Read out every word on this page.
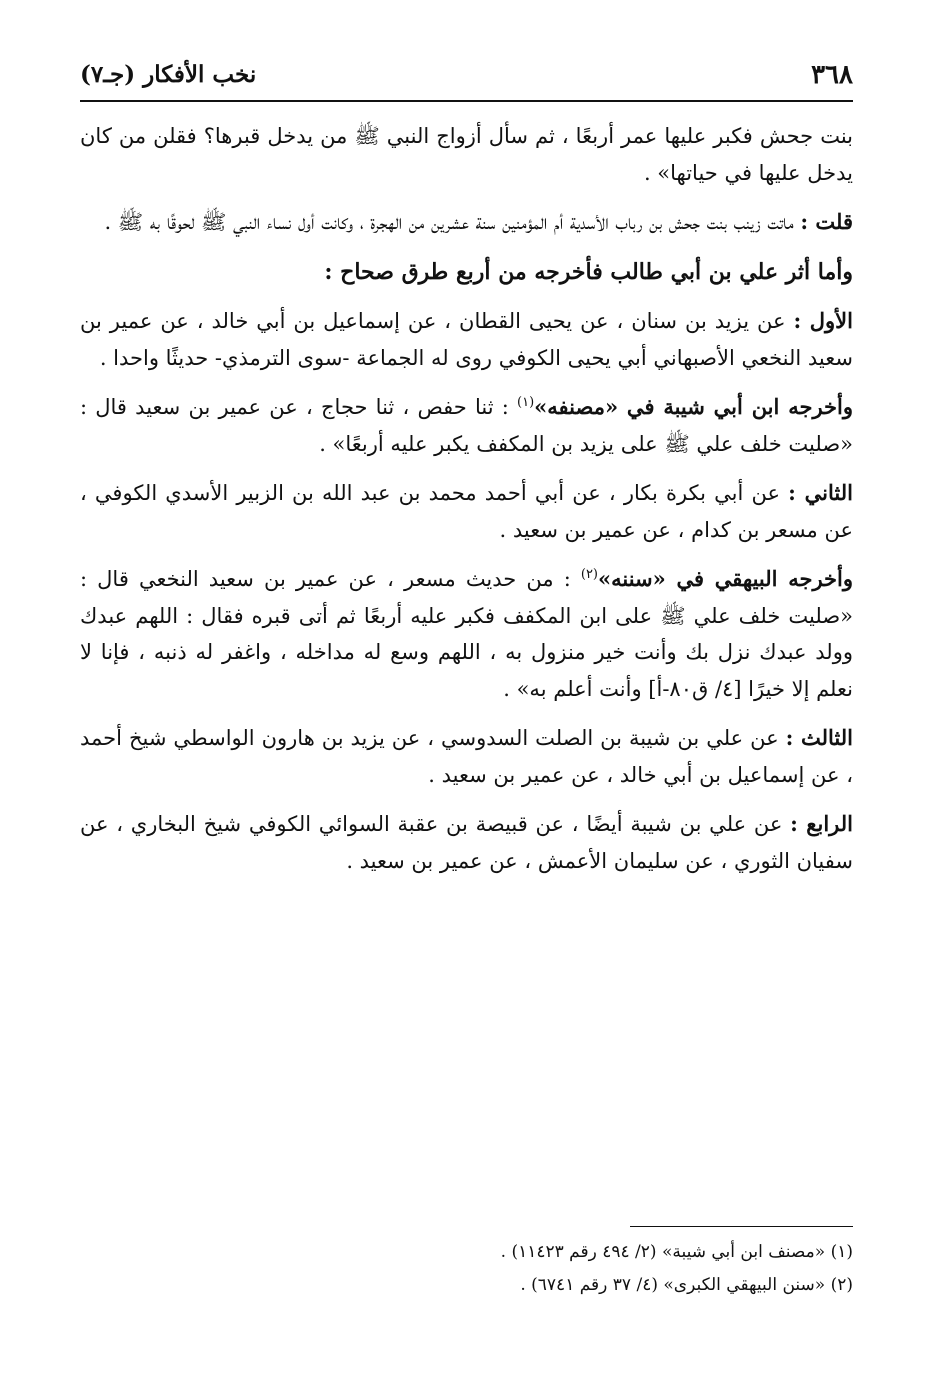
٣٦٨
نخب الأفكار (جـ٧)

بنت جحش فكبر عليها عمر أربعًا ، ثم سأل أزواج النبي ﷺ من يدخل قبرها؟ فقلن من كان يدخل عليها في حياتها» .

قلت : ماتت زينب بنت جحش بن رباب الأسدية أم المؤمنين سنة عشرين من الهجرة ، وكانت أول نساء النبي ﷺ لحوقًا به ﷺ .

وأما أثر علي بن أبي طالب فأخرجه من أربع طرق صحاح :

الأول : عن يزيد بن سنان ، عن يحيى القطان ، عن إسماعيل بن أبي خالد ، عن عمير بن سعيد النخعي الأصبهاني أبي يحيى الكوفي روى له الجماعة -سوى الترمذي- حديثًا واحدا .

وأخرجه ابن أبي شيبة في «مصنفه»$^{(١)}$ : ثنا حفص ، ثنا حجاج ، عن عمير بن سعيد قال : «صليت خلف علي ﷺ على يزيد بن المكفف يكبر عليه أربعًا» .

الثاني : عن أبي بكرة بكار ، عن أبي أحمد محمد بن عبد الله بن الزبير الأسدي الكوفي ، عن مسعر بن كدام ، عن عمير بن سعيد .

وأخرجه البيهقي في «سننه»$^{(٢)}$ : من حديث مسعر ، عن عمير بن سعيد النخعي قال : «صليت خلف علي ﷺ على ابن المكفف فكبر عليه أربعًا ثم أتى قبره فقال : اللهم عبدك وولد عبدك نزل بك وأنت خير منزول به ، اللهم وسع له مداخله ، واغفر له ذنبه ، فإنا لا نعلم إلا خيرًا [٤/ ق٨٠-أ] وأنت أعلم به» .

الثالث : عن علي بن شيبة بن الصلت السدوسي ، عن يزيد بن هارون الواسطي شيخ أحمد ، عن إسماعيل بن أبي خالد ، عن عمير بن سعيد .

الرابع : عن علي بن شيبة أيضًا ، عن قبيصة بن عقبة السوائي الكوفي شيخ البخاري ، عن سفيان الثوري ، عن سليمان الأعمش ، عن عمير بن سعيد .

(١) «مصنف ابن أبي شيبة» (٢/ ٤٩٤ رقم ١١٤٢٣) .

(٢) «سنن البيهقي الكبرى» (٤/ ٣٧ رقم ٦٧٤١) .
